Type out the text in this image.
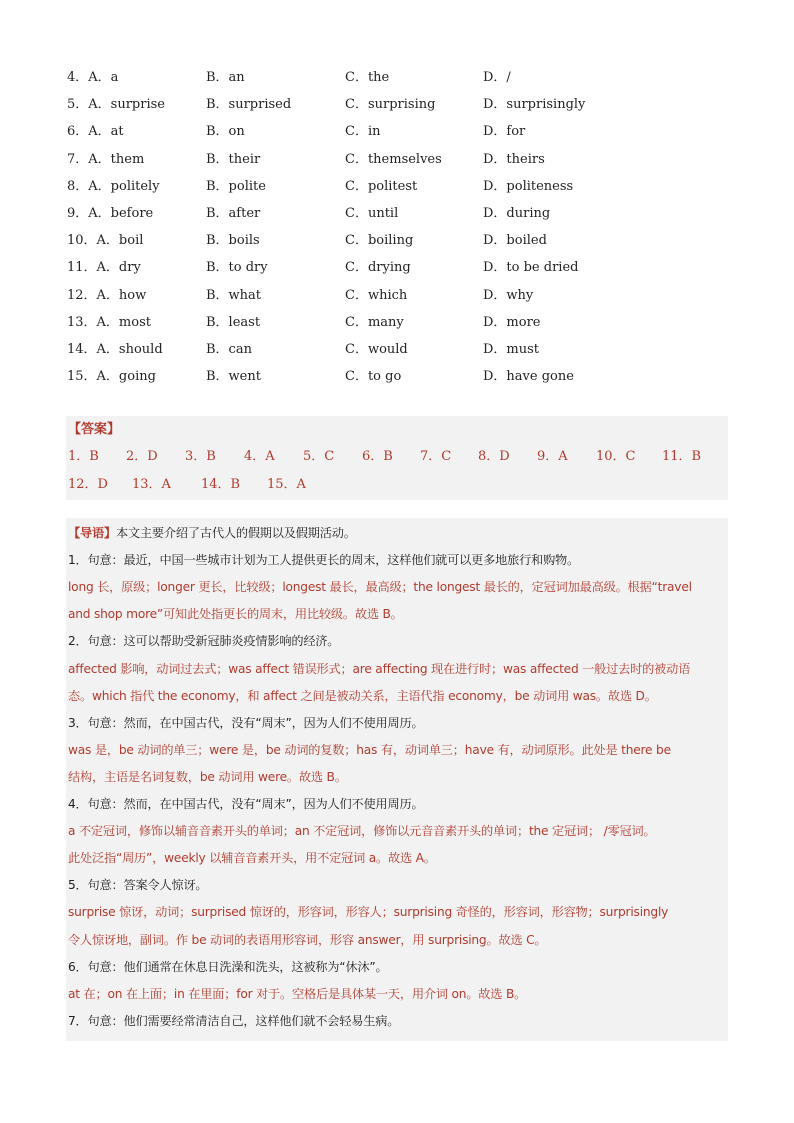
4．A．a	B．an	C．the	D．/
5．A．surprise	B．surprised	C．surprising	D．surprisingly
6．A．at	B．on	C．in	D．for
7．A．them	B．their	C．themselves	D．theirs
8．A．politely	B．polite	C．politest	D．politeness
9．A．before	B．after	C．until	D．during
10．A．boil	B．boils	C．boiling	D．boiled
11．A．dry	B．to dry	C．drying	D．to be dried
12．A．how	B．what	C．which	D．why
13．A．most	B．least	C．many	D．more
14．A．should	B．can	C．would	D．must
15．A．going	B．went	C．to go	D．have gone
【答案】
1．B 2．D 3．B 4．A 5．C 6．B 7．C 8．D 9．A 10．C 11．B
12．D 13．A 14．B 15．A
【导语】本文主要介绍了古代人的假期以及假期活动。
1．句意：最近，中国一些城市计划为工人提供更长的周末，这样他们就可以更多地旅行和购物。
long 长，原级；longer 更长，比较级；longest 最长，最高级；the longest 最长的，定冠词加最高级。根据“travel
and shop more”可知此处指更长的周末，用比较级。故选 B。
2．句意：这可以帮助受新冠肺炎疫情影响的经济。
affected 影响，动词过去式；was affect 错误形式；are affecting 现在进行时；was affected 一般过去时的被动语
态。which 指代 the economy，和 affect 之间是被动关系，主语代指 economy，be 动词用 was。故选 D。
3．句意：然而，在中国古代，没有“周末”，因为人们不使用周历。
was 是，be 动词的单三；were 是，be 动词的复数；has 有，动词单三；have 有，动词原形。此处是 there be
结构，主语是名词复数，be 动词用 were。故选 B。
4．句意：然而，在中国古代，没有“周末”，因为人们不使用周历。
a 不定冠词，修饰以辅音音素开头的单词；an 不定冠词，修饰以元音音素开头的单词；the 定冠词； /零冠词。
此处泛指“周历”，weekly 以辅音音素开头，用不定冠词 a。故选 A。
5．句意：答案令人惊讶。
surprise 惊讶，动词；surprised 惊讶的，形容词，形容人；surprising 奇怪的，形容词，形容物；surprisingly
令人惊讶地，副词。作 be 动词的表语用形容词，形容 answer，用 surprising。故选 C。
6．句意：他们通常在休息日洗澡和洗头，这被称为“休沐”。
at 在；on 在上面；in 在里面；for 对于。空格后是具体某一天，用介词 on。故选 B。
7．句意：他们需要经常清洁自己，这样他们就不会轻易生病。
